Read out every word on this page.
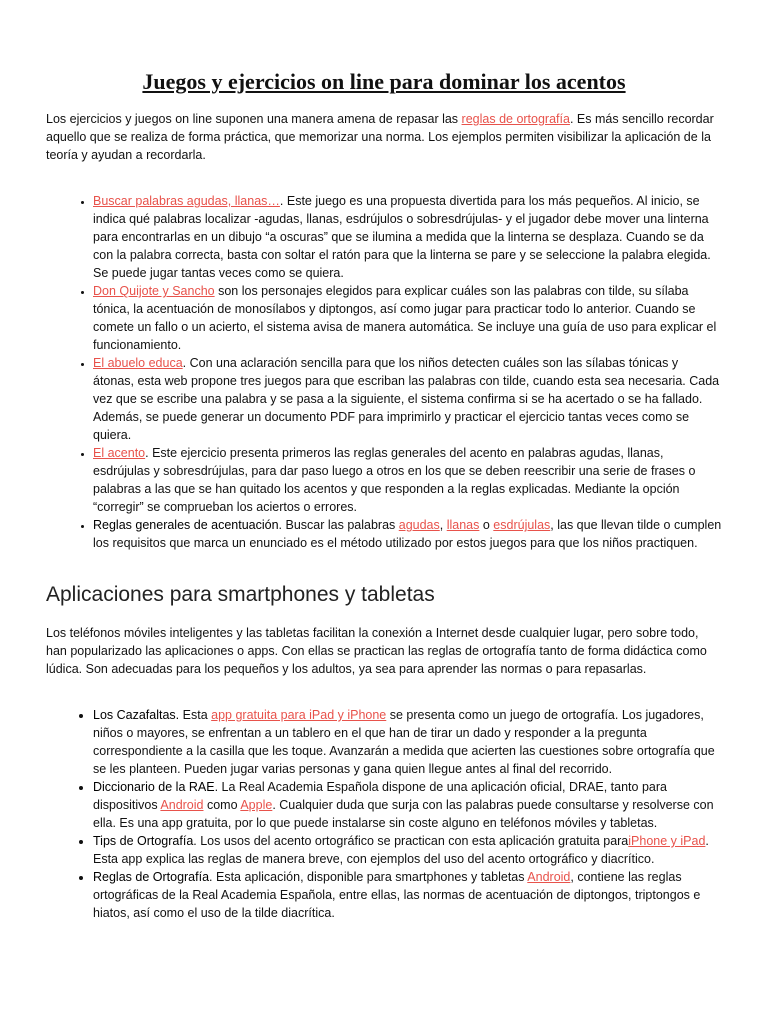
Juegos y ejercicios on line para dominar los acentos

Los ejercicios y juegos on line suponen una manera amena de repasar las reglas de ortografía. Es más sencillo recordar aquello que se realiza de forma práctica, que memorizar una norma. Los ejemplos permiten visibilizar la aplicación de la teoría y ayudan a recordarla.

• Buscar palabras agudas, llanas…. Este juego es una propuesta divertida para los más pequeños. Al inicio, se indica qué palabras localizar -agudas, llanas, esdrújulos o sobresdrújulas- y el jugador debe mover una linterna para encontrarlas en un dibujo “a oscuras” que se ilumina a medida que la linterna se desplaza. Cuando se da con la palabra correcta, basta con soltar el ratón para que la linterna se pare y se seleccione la palabra elegida. Se puede jugar tantas veces como se quiera.
• Don Quijote y Sancho son los personajes elegidos para explicar cuáles son las palabras con tilde, su sílaba tónica, la acentuación de monosílabos y diptongos, así como jugar para practicar todo lo anterior. Cuando se comete un fallo o un acierto, el sistema avisa de manera automática. Se incluye una guía de uso para explicar el funcionamiento.
• El abuelo educa. Con una aclaración sencilla para que los niños detecten cuáles son las sílabas tónicas y átonas, esta web propone tres juegos para que escriban las palabras con tilde, cuando esta sea necesaria. Cada vez que se escribe una palabra y se pasa a la siguiente, el sistema confirma si se ha acertado o se ha fallado. Además, se puede generar un documento PDF para imprimirlo y practicar el ejercicio tantas veces como se quiera.
• El acento. Este ejercicio presenta primeros las reglas generales del acento en palabras agudas, llanas, esdrújulas y sobresdrújulas, para dar paso luego a otros en los que se deben reescribir una serie de frases o palabras a las que se han quitado los acentos y que responden a la reglas explicadas. Mediante la opción “corregir” se comprueban los aciertos o errores.
• Reglas generales de acentuación. Buscar las palabras agudas, llanas o esdrújulas, las que llevan tilde o cumplen los requisitos que marca un enunciado es el método utilizado por estos juegos para que los niños practiquen.
Aplicaciones para smartphones y tabletas

Los teléfonos móviles inteligentes y las tabletas facilitan la conexión a Internet desde cualquier lugar, pero sobre todo, han popularizado las aplicaciones o apps. Con ellas se practican las reglas de ortografía tanto de forma didáctica como lúdica. Son adecuadas para los pequeños y los adultos, ya sea para aprender las normas o para repasarlas.

• Los Cazafaltas. Esta app gratuita para iPad y iPhone se presenta como un juego de ortografía. Los jugadores, niños o mayores, se enfrentan a un tablero en el que han de tirar un dado y responder a la pregunta correspondiente a la casilla que les toque. Avanzarán a medida que acierten las cuestiones sobre ortografía que se les planteen. Pueden jugar varias personas y gana quien llegue antes al final del recorrido.
• Diccionario de la RAE. La Real Academia Española dispone de una aplicación oficial, DRAE, tanto para dispositivos Android como Apple. Cualquier duda que surja con las palabras puede consultarse y resolverse con ella. Es una app gratuita, por lo que puede instalarse sin coste alguno en teléfonos móviles y tabletas.
• Tips de Ortografía. Los usos del acento ortográfico se practican con esta aplicación gratuita paraiPhone y iPad. Esta app explica las reglas de manera breve, con ejemplos del uso del acento ortográfico y diacrítico.
• Reglas de Ortografía. Esta aplicación, disponible para smartphones y tabletas Android, contiene las reglas ortográficas de la Real Academia Española, entre ellas, las normas de acentuación de diptongos, triptongos e hiatos, así como el uso de la tilde diacrítica.
